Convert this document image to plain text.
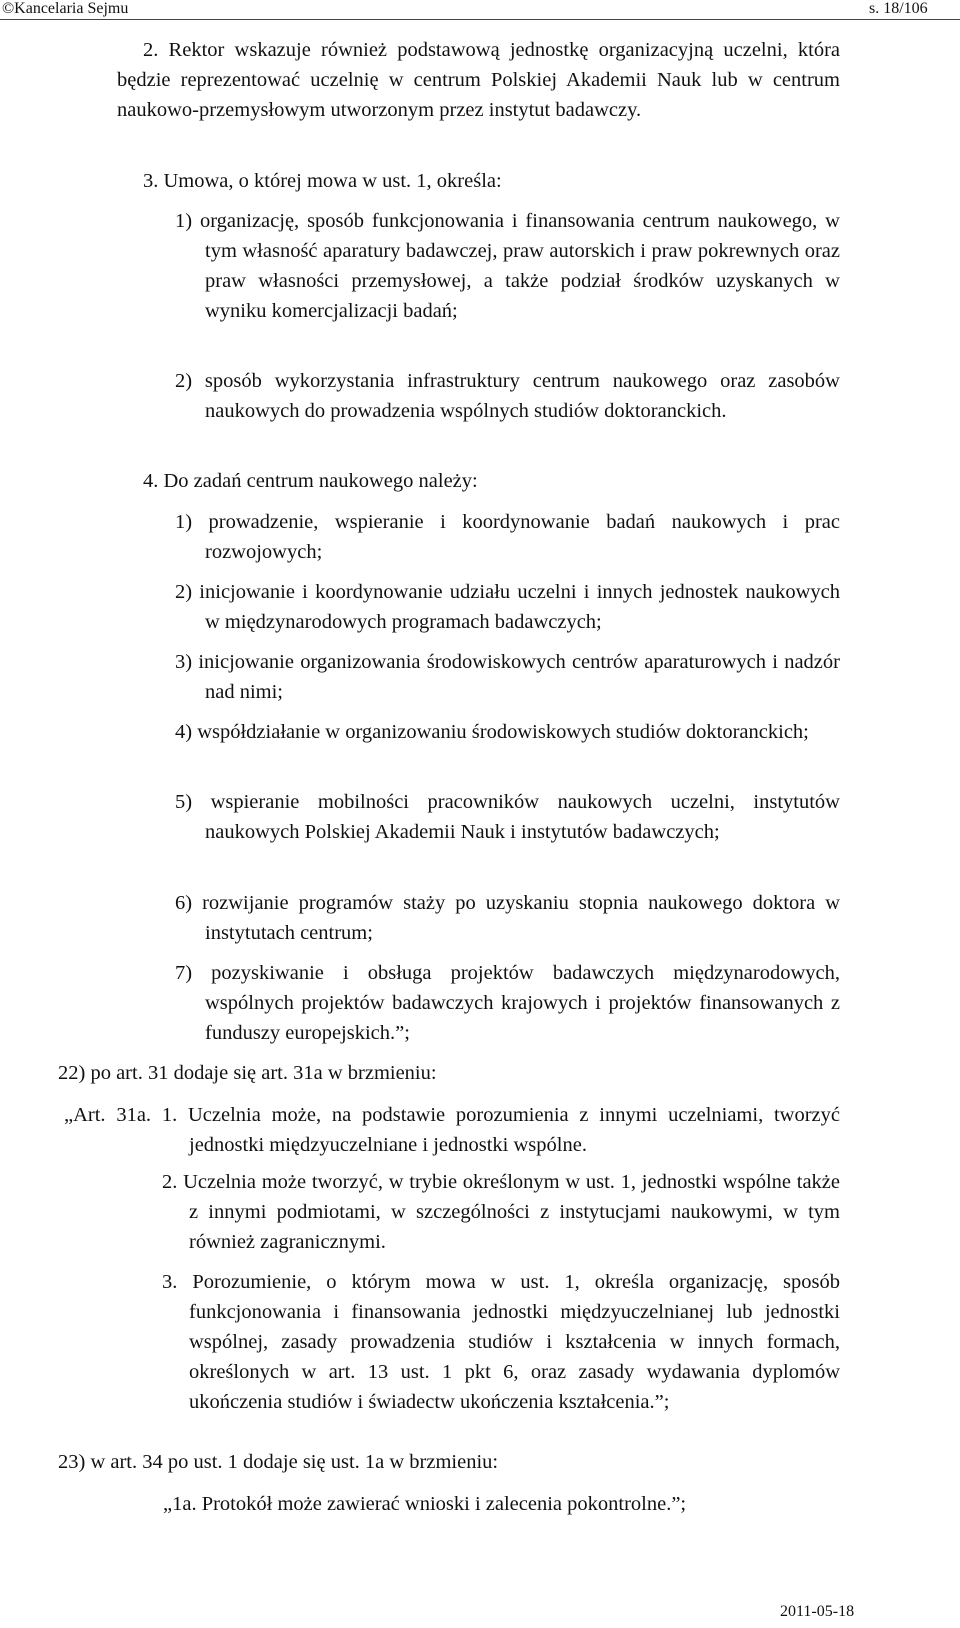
©Kancelaria Sejmu	s. 18/106

2. Rektor wskazuje również podstawową jednostkę organizacyjną uczelni, która będzie reprezentować uczelnię w centrum Polskiej Akademii Nauk lub w centrum naukowo-przemysłowym utworzonym przez instytut badawczy.

3. Umowa, o której mowa w ust. 1, określa:

1) organizację, sposób funkcjonowania i finansowania centrum naukowego, w tym własność aparatury badawczej, praw autorskich i praw pokrewnych oraz praw własności przemysłowej, a także podział środków uzyskanych w wyniku komercjalizacji badań;

2) sposób wykorzystania infrastruktury centrum naukowego oraz zasobów naukowych do prowadzenia wspólnych studiów doktoranckich.

4. Do zadań centrum naukowego należy:

1) prowadzenie, wspieranie i koordynowanie badań naukowych i prac rozwojowych;

2) inicjowanie i koordynowanie udziału uczelni i innych jednostek naukowych w międzynarodowych programach badawczych;

3) inicjowanie organizowania środowiskowych centrów aparaturowych i nadzór nad nimi;

4) współdziałanie w organizowaniu środowiskowych studiów doktoranckich;

5) wspieranie mobilności pracowników naukowych uczelni, instytutów naukowych Polskiej Akademii Nauk i instytutów badawczych;

6) rozwijanie programów staży po uzyskaniu stopnia naukowego doktora w instytutach centrum;

7) pozyskiwanie i obsługa projektów badawczych międzynarodowych, wspólnych projektów badawczych krajowych i projektów finansowanych z funduszy europejskich.”;

22) po art. 31 dodaje się art. 31a w brzmieniu:

„Art. 31a. 1. Uczelnia może, na podstawie porozumienia z innymi uczelniami, tworzyć jednostki międzyuczelniane i jednostki wspólne.

2. Uczelnia może tworzyć, w trybie określonym w ust. 1, jednostki wspólne także z innymi podmiotami, w szczególności z instytucjami naukowymi, w tym również zagranicznymi.

3. Porozumienie, o którym mowa w ust. 1, określa organizację, sposób funkcjonowania i finansowania jednostki międzyuczelnianej lub jednostki wspólnej, zasady prowadzenia studiów i kształcenia w innych formach, określonych w art. 13 ust. 1 pkt 6, oraz zasady wydawania dyplomów ukończenia studiów i świadectw ukończenia kształcenia.”;

23) w art. 34 po ust. 1 dodaje się ust. 1a w brzmieniu:

„1a. Protokół może zawierać wnioski i zalecenia pokontrolne.”;

2011-05-18
